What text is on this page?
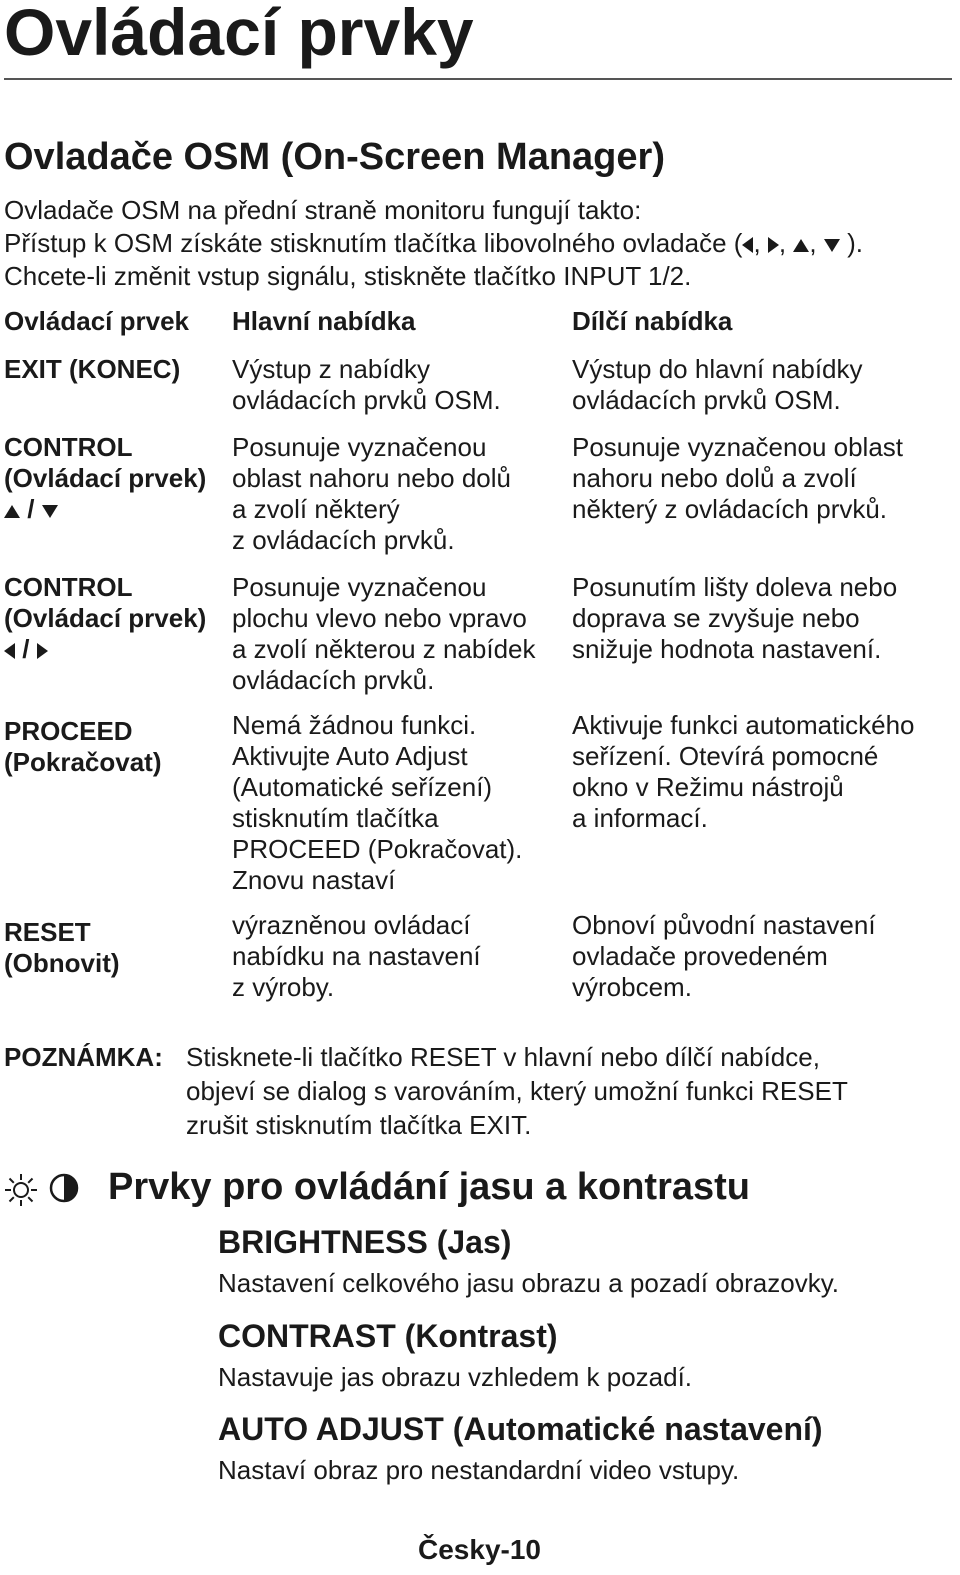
Ovládací prvky
Ovladače OSM (On-Screen Manager)
Ovladače OSM na přední straně monitoru fungují takto:
Přístup k OSM získáte stisknutím tlačítka libovolného ovladače ( , , , ).
Chcete-li změnit vstup signálu, stiskněte tlačítko INPUT 1/2.
Ovládací prvek Hlavní nabídka	Dílčí nabídka
EXIT (KONEC) Výstup z nabídky
ovládacích prvků OSM.
Výstup do hlavní nabídky
ovládacích prvků OSM.
CONTROL
(Ovládací prvek)
/
Posunuje vyznačenou
oblast nahoru nebo dolů
a zvolí některý
z ovládacích prvků.
Posunuje vyznačenou oblast
nahoru nebo dolů a zvolí
některý z ovládacích prvků.
CONTROL
(Ovládací prvek)
/
Posunuje vyznačenou
plochu vlevo nebo vpravo
a zvolí některou z nabídek
ovládacích prvků.
Posunutím lišty doleva nebo
doprava se zvyšuje nebo
snižuje hodnota nastavení.
PROCEED
(Pokračovat)
Nemá žádnou funkci.
Aktivujte Auto Adjust
(Automatické seřízení)
stisknutím tlačítka
PROCEED (Pokračovat).
Znovu nastaví
Aktivuje funkci automatického
seřízení. Otevírá pomocné
okno v Režimu nástrojů
a informací.
RESET
(Obnovit)
výrazněnou ovládací
nabídku na nastavení
z výroby.
Obnoví původní nastavení
ovladače provedeném
výrobcem.
POZNÁMKA: Stisknete-li tlačítko RESET v hlavní nebo dílčí nabídce,
objeví se dialog s varováním, který umožní funkci RESET
zrušit stisknutím tlačítka EXIT.
Prvky pro ovládání jasu a kontrastu
BRIGHTNESS (Jas)
Nastavení celkového jasu obrazu a pozadí obrazovky.
CONTRAST (Kontrast)
Nastavuje jas obrazu vzhledem k pozadí.
AUTO ADJUST (Automatické nastavení)
Nastaví obraz pro nestandardní video vstupy.
Česky-10
